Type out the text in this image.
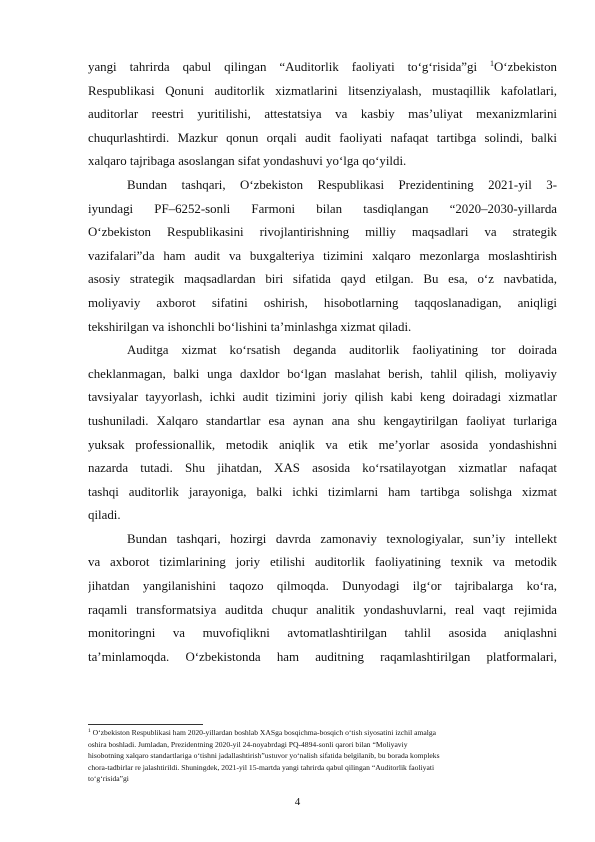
yangi tahrirda qabul qilingan “Auditorlik faoliyati to‘g‘risida”gi $^1$O‘zbekiston
Respublikasi Qonuni auditorlik xizmatlarini litsenziyalash, mustaqillik kafolatlari,
auditorlar reestri yuritilishi, attestatsiya va kasbiy mas’uliyat mexanizmlarini
chuqurlashtirdi. Mazkur qonun orqali audit faoliyati nafaqat tartibga solindi, balki
xalqaro tajribaga asoslangan sifat yondashuvi yo‘lga qo‘yildi.
Bundan tashqari, O‘zbekiston Respublikasi Prezidentining 2021-yil 3-
iyundagi PF–6252-sonli Farmoni bilan tasdiqlangan “2020–2030-yillarda
O‘zbekiston Respublikasini rivojlantirishning milliy maqsadlari va strategik
vazifalari”da ham audit va buxgalteriya tizimini xalqaro mezonlarga moslashtirish
asosiy strategik maqsadlardan biri sifatida qayd etilgan. Bu esa, o‘z navbatida,
moliyaviy axborot sifatini oshirish, hisobotlarning taqqoslanadigan, aniqligi
tekshirilgan va ishonchli bo‘lishini ta’minlashga xizmat qiladi.
Auditga xizmat ko‘rsatish deganda auditorlik faoliyatining tor doirada
cheklanmagan, balki unga daxldor bo‘lgan maslahat berish, tahlil qilish, moliyaviy
tavsiyalar tayyorlash, ichki audit tizimini joriy qilish kabi keng doiradagi xizmatlar
tushuniladi. Xalqaro standartlar esa aynan ana shu kengaytirilgan faoliyat turlariga
yuksak professionallik, metodik aniqlik va etik me’yorlar asosida yondashishni
nazarda tutadi. Shu jihatdan, XAS asosida ko‘rsatilayotgan xizmatlar nafaqat
tashqi auditorlik jarayoniga, balki ichki tizimlarni ham tartibga solishga xizmat
qiladi.
Bundan tashqari, hozirgi davrda zamonaviy texnologiyalar, sun’iy intellekt
va axborot tizimlarining joriy etilishi auditorlik faoliyatining texnik va metodik
jihatdan yangilanishini taqozo qilmoqda. Dunyodagi ilg‘or tajribalarga ko‘ra,
raqamli transformatsiya auditda chuqur analitik yondashuvlarni, real vaqt rejimida
monitoringni va muvofiqlikni avtomatlashtirilgan tahlil asosida aniqlashni
ta’minlamoqda. O‘zbekistonda ham auditning raqamlashtirilgan platformalari,
$^1$ O‘zbekiston Respublikasi ham 2020-yillardan boshlab XASga bosqichma-bosqich o‘tish siyosatini izchil amalga
oshira boshladi. Jumladan, Prezidentning 2020-yil 24-noyabrdagi PQ-4894-sonli qarori bilan “Moliyaviy
hisobotning xalqaro standartlariga o‘tishni jadallashtirish”ustuvor yo‘nalish sifatida belgilanib, bu borada kompleks
chora-tadbirlar re jalashtirildi. Shuningdek, 2021-yil 15-martda yangi tahrirda qabul qilingan “Auditorlik faoliyati
to‘g‘risida”gi
4
